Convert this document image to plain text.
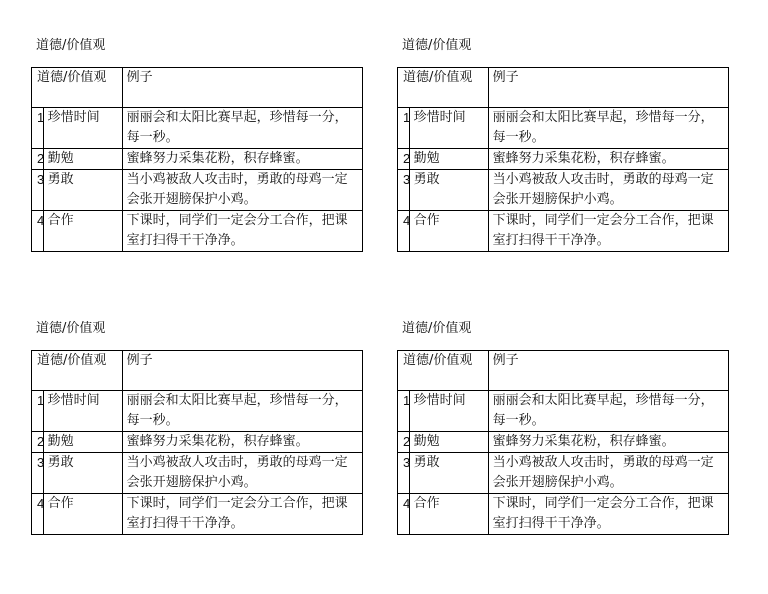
道德/价值观
道德/价值观		例子
1	珍惜时间	丽丽会和太阳比赛早起，珍惜每一分，每一秒。
2	勤勉	蜜蜂努力采集花粉，积存蜂蜜。
3	勇敢	当小鸡被敌人攻击时，勇敢的母鸡一定会张开翅膀保护小鸡。
4	合作	下课时，同学们一定会分工合作，把课室打扫得干干净净。
道德/价值观
道德/价值观		例子
1	珍惜时间	丽丽会和太阳比赛早起，珍惜每一分，每一秒。
2	勤勉	蜜蜂努力采集花粉，积存蜂蜜。
3	勇敢	当小鸡被敌人攻击时，勇敢的母鸡一定会张开翅膀保护小鸡。
4	合作	下课时，同学们一定会分工合作，把课室打扫得干干净净。
道德/价值观
道德/价值观		例子
1	珍惜时间	丽丽会和太阳比赛早起，珍惜每一分，每一秒。
2	勤勉	蜜蜂努力采集花粉，积存蜂蜜。
3	勇敢	当小鸡被敌人攻击时，勇敢的母鸡一定会张开翅膀保护小鸡。
4	合作	下课时，同学们一定会分工合作，把课室打扫得干干净净。
道德/价值观
道德/价值观		例子
1	珍惜时间	丽丽会和太阳比赛早起，珍惜每一分，每一秒。
2	勤勉	蜜蜂努力采集花粉，积存蜂蜜。
3	勇敢	当小鸡被敌人攻击时，勇敢的母鸡一定会张开翅膀保护小鸡。
4	合作	下课时，同学们一定会分工合作，把课室打扫得干干净净。
